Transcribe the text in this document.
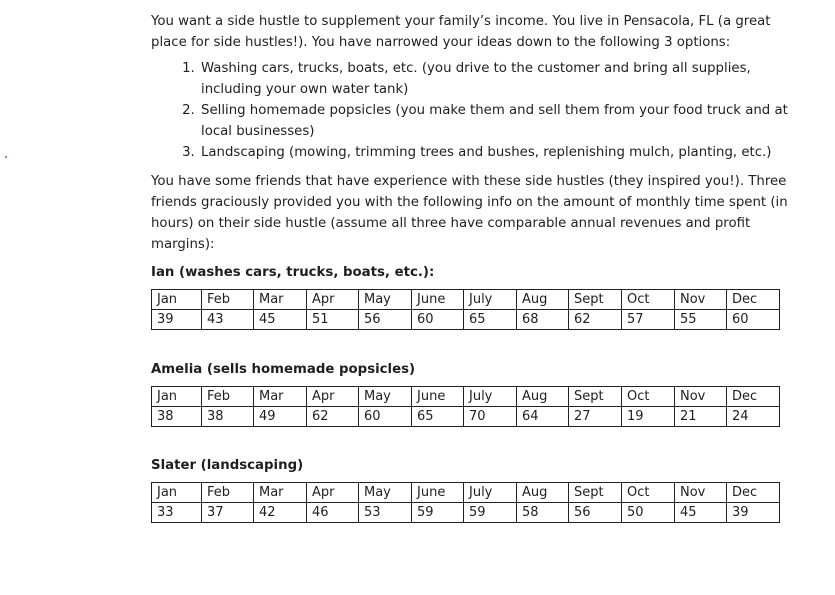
You want a side hustle to supplement your family’s income. You live in Pensacola, FL (a great place for side hustles!). You have narrowed your ideas down to the following 3 options:

1. Washing cars, trucks, boats, etc. (you drive to the customer and bring all supplies, including your own water tank)
2. Selling homemade popsicles (you make them and sell them from your food truck and at local businesses)
3. Landscaping (mowing, trimming trees and bushes, replenishing mulch, planting, etc.)

You have some friends that have experience with these side hustles (they inspired you!). Three friends graciously provided you with the following info on the amount of monthly time spent (in hours) on their side hustle (assume all three have comparable annual revenues and profit margins):

Ian (washes cars, trucks, boats, etc.):

Jan	Feb	Mar	Apr	May	June	July	Aug	Sept	Oct	Nov	Dec
39	43	45	51	56	60	65	68	62	57	55	60

Amelia (sells homemade popsicles)

Jan	Feb	Mar	Apr	May	June	July	Aug	Sept	Oct	Nov	Dec
38	38	49	62	60	65	70	64	27	19	21	24

Slater (landscaping)

Jan	Feb	Mar	Apr	May	June	July	Aug	Sept	Oct	Nov	Dec
33	37	42	46	53	59	59	58	56	50	45	39
